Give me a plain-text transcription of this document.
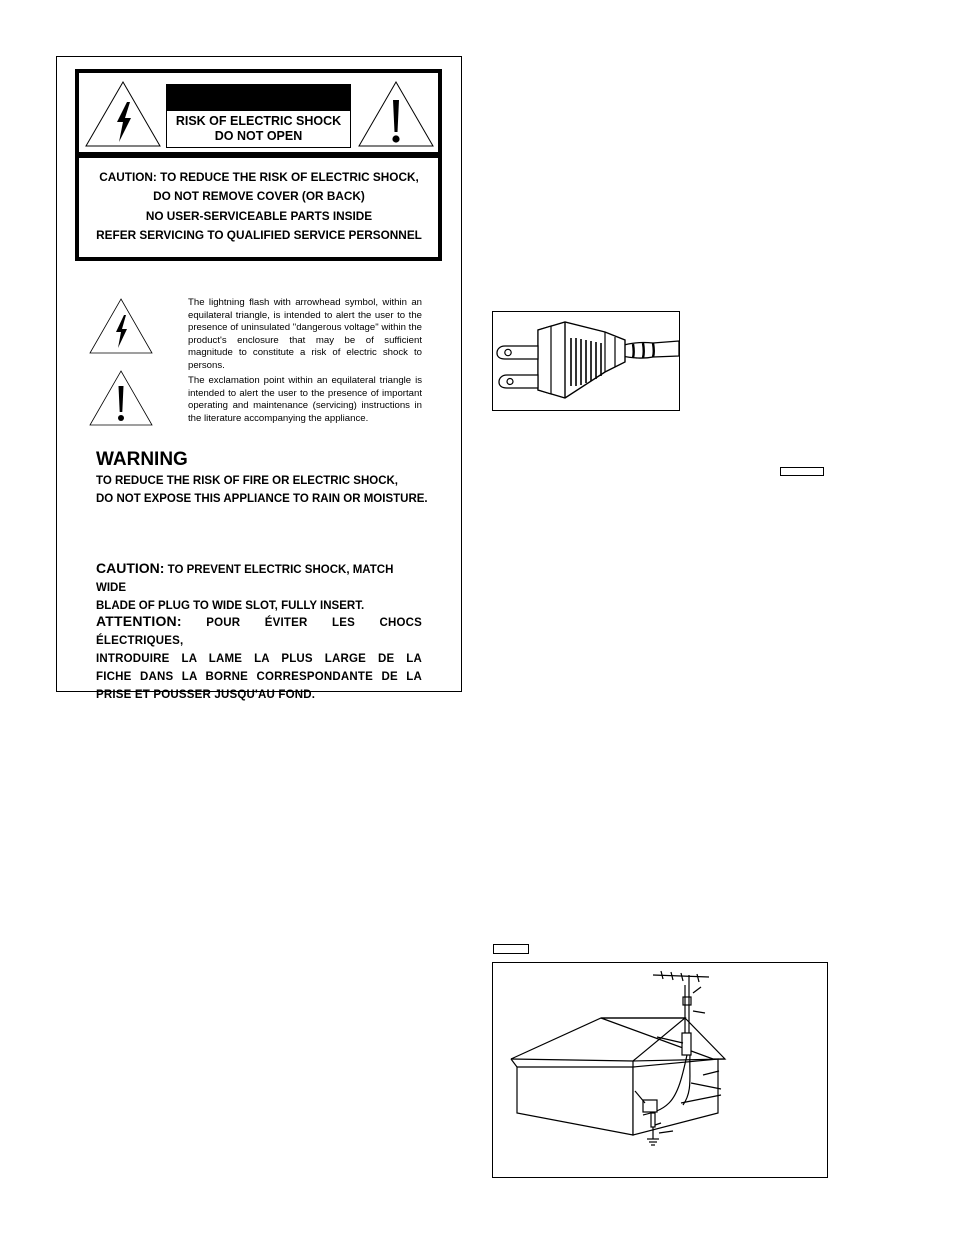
RISK OF ELECTRIC SHOCK
DO NOT OPEN
CAUTION: TO REDUCE THE RISK OF ELECTRIC SHOCK,
DO NOT REMOVE COVER (OR BACK)
NO USER-SERVICEABLE PARTS INSIDE
REFER SERVICING TO QUALIFIED SERVICE PERSONNEL
The lightning flash with arrowhead symbol, within an equilateral triangle, is intended to alert the user to the presence of uninsulated "dangerous voltage" within the product's enclosure that may be of sufficient magnitude to constitute a risk of electric shock to persons.
The exclamation point within an equilateral triangle is intended to alert the user to the presence of important operating and maintenance (servicing) instructions in the literature accompanying the appliance.
WARNING
TO REDUCE THE RISK OF FIRE OR ELECTRIC SHOCK,
DO NOT EXPOSE THIS APPLIANCE TO RAIN OR MOISTURE.
CAUTION: TO PREVENT ELECTRIC SHOCK, MATCH WIDE
BLADE OF PLUG TO WIDE SLOT, FULLY INSERT.
ATTENTION: POUR ÉVITER LES CHOCS ÉLECTRIQUES,
INTRODUIRE LA LAME LA PLUS LARGE DE LA
FICHE DANS LA BORNE CORRESPONDANTE DE LA
PRISE ET POUSSER JUSQU'AU FOND.
